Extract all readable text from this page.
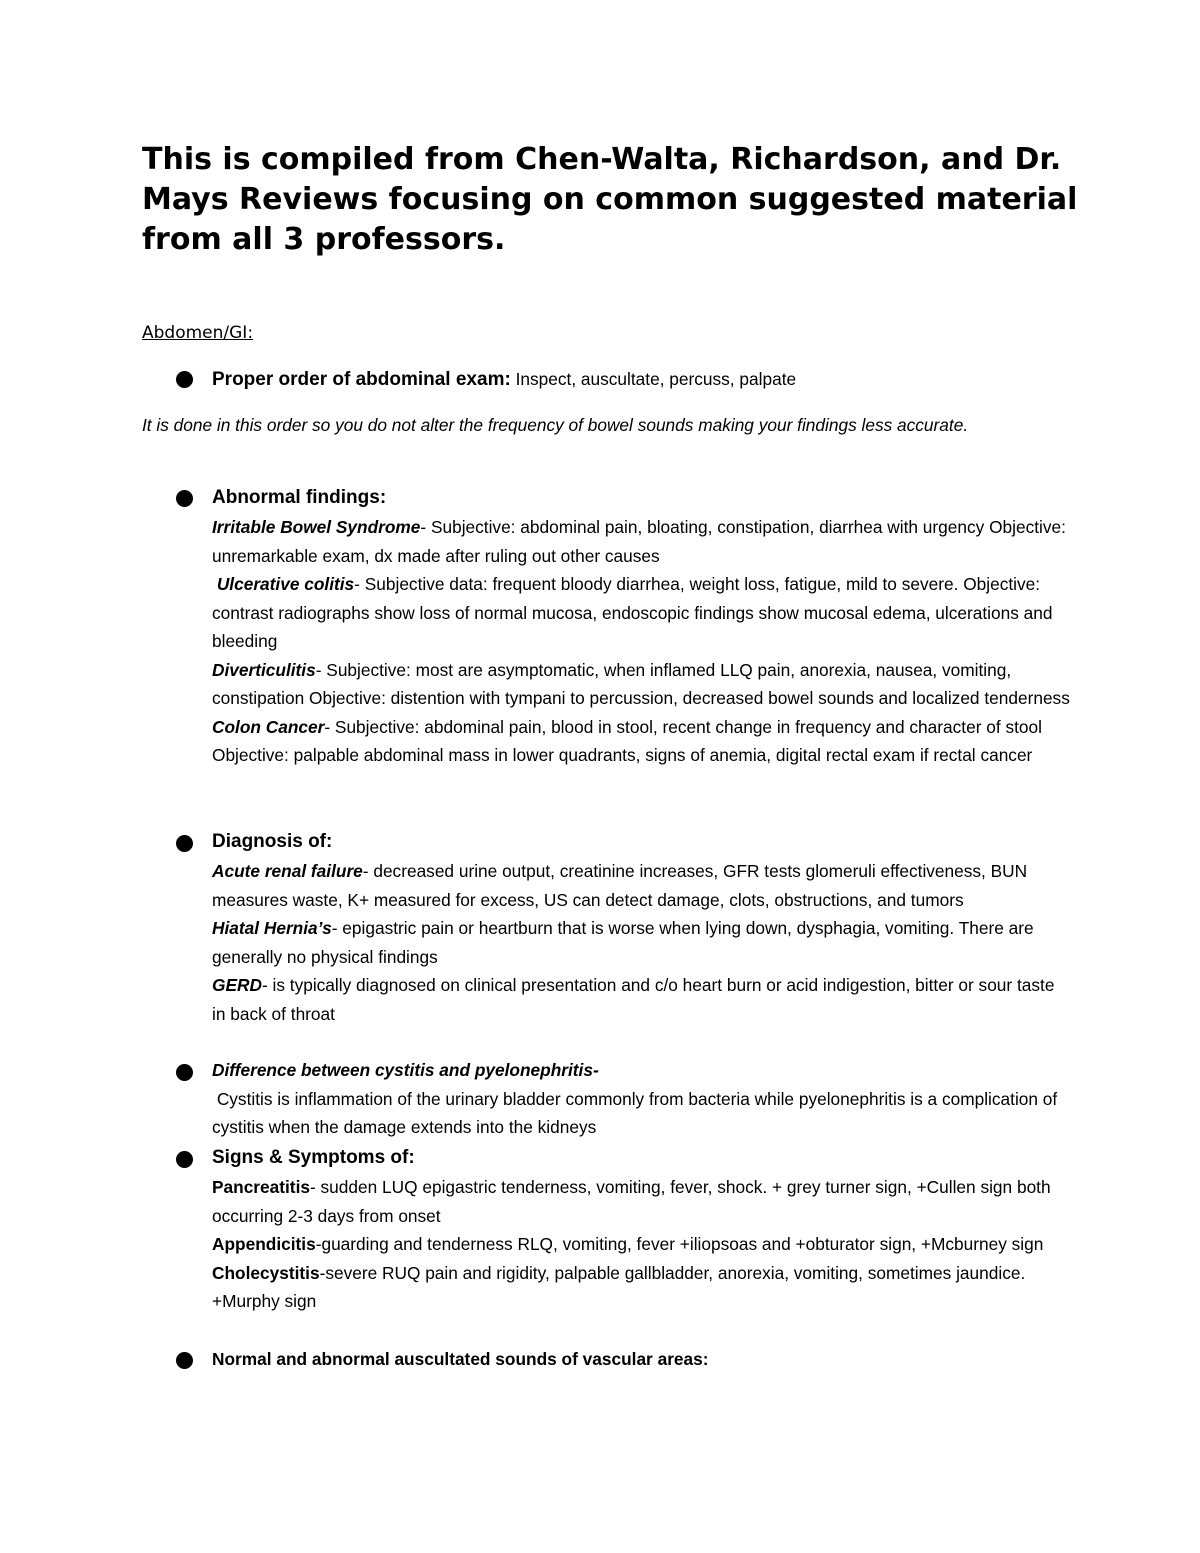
This is compiled from Chen-Walta, Richardson, and Dr. Mays Reviews focusing on common suggested material from all 3 professors.
Abdomen/GI:
Proper order of abdominal exam: Inspect, auscultate, percuss, palpate

It is done in this order so you do not alter the frequency of bowel sounds making your findings less accurate.

Abnormal findings:

Irritable Bowel Syndrome- Subjective: abdominal pain, bloating, constipation, diarrhea with urgency Objective: unremarkable exam, dx made after ruling out other causes

Ulcerative colitis- Subjective data: frequent bloody diarrhea, weight loss, fatigue, mild to severe. Objective: contrast radiographs show loss of normal mucosa, endoscopic findings show mucosal edema, ulcerations and bleeding

Diverticulitis- Subjective: most are asymptomatic, when inflamed LLQ pain, anorexia, nausea, vomiting, constipation Objective: distention with tympani to percussion, decreased bowel sounds and localized tenderness

Colon Cancer- Subjective: abdominal pain, blood in stool, recent change in frequency and character of stool Objective: palpable abdominal mass in lower quadrants, signs of anemia, digital rectal exam if rectal cancer

Diagnosis of:

Acute renal failure- decreased urine output, creatinine increases, GFR tests glomeruli effectiveness, BUN measures waste, K+ measured for excess, US can detect damage, clots, obstructions, and tumors

Hiatal Hernia’s- epigastric pain or heartburn that is worse when lying down, dysphagia, vomiting. There are generally no physical findings

GERD- is typically diagnosed on clinical presentation and c/o heart burn or acid indigestion, bitter or sour taste in back of throat

Difference between cystitis and pyelonephritis-

Cystitis is inflammation of the urinary bladder commonly from bacteria while pyelonephritis is a complication of cystitis when the damage extends into the kidneys

Signs & Symptoms of:

Pancreatitis- sudden LUQ epigastric tenderness, vomiting, fever, shock. + grey turner sign, +Cullen sign both occurring 2-3 days from onset

Appendicitis-guarding and tenderness RLQ, vomiting, fever +iliopsoas and +obturator sign, +Mcburney sign

Cholecystitis-severe RUQ pain and rigidity, palpable gallbladder, anorexia, vomiting, sometimes jaundice. +Murphy sign

Normal and abnormal auscultated sounds of vascular areas:
